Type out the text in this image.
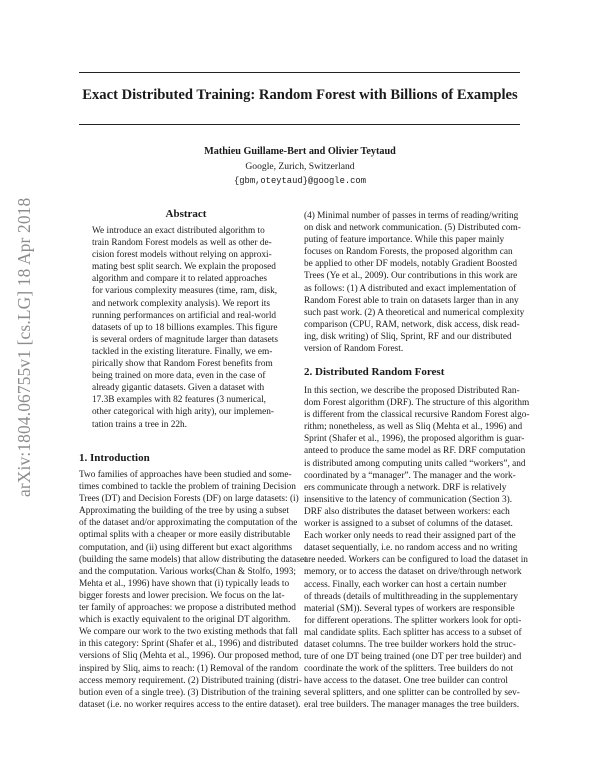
Exact Distributed Training: Random Forest with Billions of Examples
Mathieu Guillame-Bert and Olivier Teytaud
Google, Zurich, Switzerland
{gbm,oteytaud}@google.com
arXiv:1804.06755v1 [cs.LG] 18 Apr 2018	Abstract
We introduce an exact distributed algorithm to
train Random Forest models as well as other de-
cision forest models without relying on approxi-
mating best split search. We explain the proposed
algorithm and compare it to related approaches
for various complexity measures (time, ram, disk,
and network complexity analysis). We report its
running performances on artificial and real-world
datasets of up to 18 billions examples. This figure
is several orders of magnitude larger than datasets
tackled in the existing literature. Finally, we em-
pirically show that Random Forest benefits from
being trained on more data, even in the case of
already gigantic datasets. Given a dataset with
17.3B examples with 82 features (3 numerical,
other categorical with high arity), our implemen-
tation trains a tree in 22h.
1. Introduction
Two families of approaches have been studied and some-
times combined to tackle the problem of training Decision
Trees (DT) and Decision Forests (DF) on large datasets: (i)
Approximating the building of the tree by using a subset
of the dataset and/or approximating the computation of the
optimal splits with a cheaper or more easily distributable
computation, and (ii) using different but exact algorithms
(building the same models) that allow distributing the dataset
and the computation. Various works(Chan & Stolfo, 1993;
Mehta et al., 1996) have shown that (i) typically leads to
bigger forests and lower precision. We focus on the lat-
ter family of approaches: we propose a distributed method
which is exactly equivalent to the original DT algorithm.
We compare our work to the two existing methods that fall
in this category: Sprint (Shafer et al., 1996) and distributed
versions of Sliq (Mehta et al., 1996). Our proposed method,
inspired by Sliq, aims to reach: (1) Removal of the random
access memory requirement. (2) Distributed training (distri-
bution even of a single tree). (3) Distribution of the training
dataset (i.e. no worker requires access to the entire dataset).
(4) Minimal number of passes in terms of reading/writing
on disk and network communication. (5) Distributed com-
puting of feature importance. While this paper mainly
focuses on Random Forests, the proposed algorithm can
be applied to other DF models, notably Gradient Boosted
Trees (Ye et al., 2009). Our contributions in this work are
as follows: (1) A distributed and exact implementation of
Random Forest able to train on datasets larger than in any
such past work. (2) A theoretical and numerical complexity
comparison (CPU, RAM, network, disk access, disk read-
ing, disk writing) of Sliq, Sprint, RF and our distributed
version of Random Forest.
2. Distributed Random Forest
In this section, we describe the proposed Distributed Ran-
dom Forest algorithm (DRF). The structure of this algorithm
is different from the classical recursive Random Forest algo-
rithm; nonetheless, as well as Sliq (Mehta et al., 1996) and
Sprint (Shafer et al., 1996), the proposed algorithm is guar-
anteed to produce the same model as RF. DRF computation
is distributed among computing units called “workers”, and
coordinated by a “manager”. The manager and the work-
ers communicate through a network. DRF is relatively
insensitive to the latency of communication (Section 3).
DRF also distributes the dataset between workers: each
worker is assigned to a subset of columns of the dataset.
Each worker only needs to read their assigned part of the
dataset sequentially, i.e. no random access and no writing
are needed. Workers can be configured to load the dataset in
memory, or to access the dataset on drive/through network
access. Finally, each worker can host a certain number
of threads (details of multithreading in the supplementary
material (SM)). Several types of workers are responsible
for different operations. The splitter workers look for opti-
mal candidate splits. Each splitter has access to a subset of
dataset columns. The tree builder workers hold the struc-
ture of one DT being trained (one DT per tree builder) and
coordinate the work of the splitters. Tree builders do not
have access to the dataset. One tree builder can control
several splitters, and one splitter can be controlled by sev-
eral tree builders. The manager manages the tree builders.
